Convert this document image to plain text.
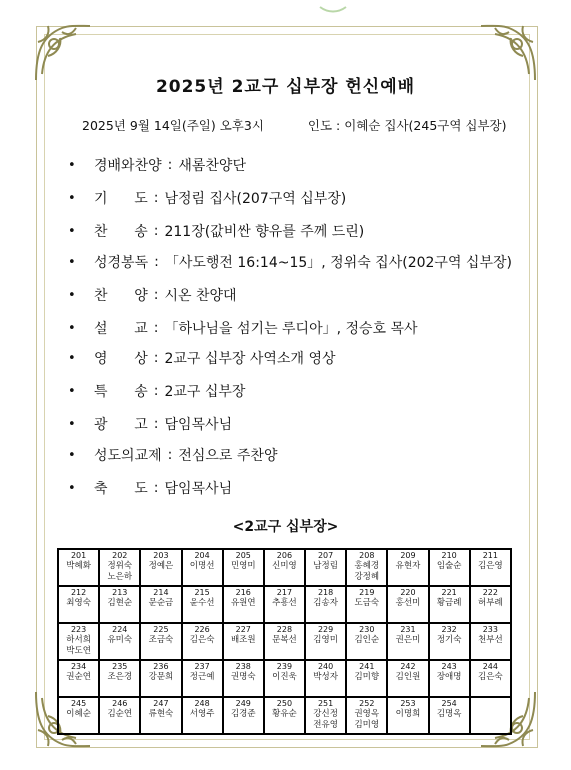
2025년 2교구 십부장 헌신예배
2025년 9월 14일(주일) 오후3시	인도 : 이혜순 집사(245구역 십부장)
•	경배와찬양 : 새롬찬양단
•	기      도 : 남정림 집사(207구역 십부장)
•	찬      송 : 211장(값비싼 향유를 주께 드린)
•	성경봉독 : 「사도행전 16:14~15」, 정위숙 집사(202구역 십부장)
•	찬      양 : 시온 찬양대
•	설      교 : 「하나님을 섬기는 루디아」, 정승호 목사
•	영      상 : 2교구 십부장 사역소개 영상
•	특      송 : 2교구 십부장
•	광      고 : 담임목사님
•	성도의교제 : 전심으로 주찬양
•	축      도 : 담임목사님
<2교구 십부장>
201
박혜화	202
정위숙
노은하	203
정예은	204
이명선	205
민영미	206
신미영	207
남정림	208
홍혜경
강정혜	209
유현자	210
임술순	211
김은영

212
최영숙	213
김현순	214
문순금	215
윤수선	216
유원연	217
추흥선	218
김송자	219
도금숙	220
홍선미	221
황금례	222
허부례

223
하서희
박도연	224
유미숙	225
조금숙	226
김은숙	227
배조원	228
문복선	229
김영미	230
김인순	231
권은미	232
정기숙	233
천부선

234
권순연	235
조은경	236
강문희	237
정근예	238
권명숙	239
이진욱	240
박성자	241
김미향	242
김인원	243
장애명	244
김은숙

245
이혜순	246
김순연	247
류현숙	248
서영주	249
김경준	250
황유순	251
강신정
전유영	252
권영옥
김미영	253
이명희	254
김명옥	
